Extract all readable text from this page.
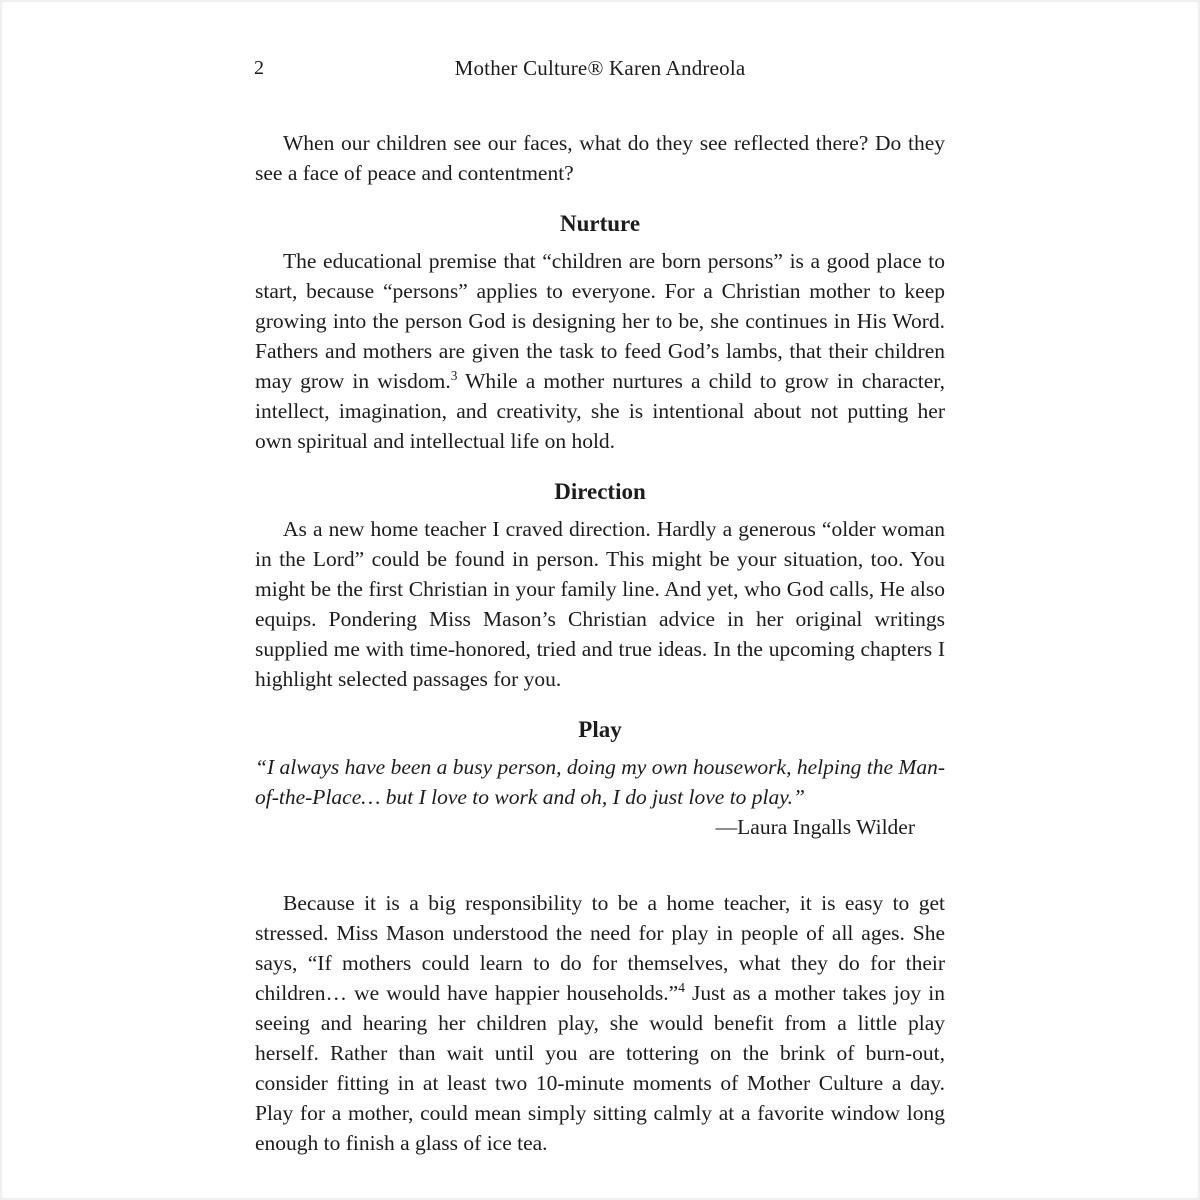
2	Mother Culture® Karen Andreola

When our children see our faces, what do they see reflected there? Do they see a face of peace and contentment?

Nurture

The educational premise that “children are born persons” is a good place to start, because “persons” applies to everyone. For a Christian mother to keep growing into the person God is designing her to be, she continues in His Word. Fathers and mothers are given the task to feed God’s lambs, that their children may grow in wisdom.$^3$ While a mother nurtures a child to grow in character, intellect, imagination, and creativity, she is intentional about not putting her own spiritual and intellectual life on hold.

Direction

As a new home teacher I craved direction. Hardly a generous “older woman in the Lord” could be found in person. This might be your situation, too. You might be the first Christian in your family line. And yet, who God calls, He also equips. Pondering Miss Mason’s Christian advice in her original writings supplied me with time-honored, tried and true ideas. In the upcoming chapters I highlight selected passages for you.

Play

“I always have been a busy person, doing my own housework, helping the Man-of-the-Place… but I love to work and oh, I do just love to play.”

—Laura Ingalls Wilder

Because it is a big responsibility to be a home teacher, it is easy to get stressed. Miss Mason understood the need for play in people of all ages. She says, “If mothers could learn to do for themselves, what they do for their children… we would have happier households.”$^4$ Just as a mother takes joy in seeing and hearing her children play, she would benefit from a little play herself. Rather than wait until you are tottering on the brink of burn-out, consider fitting in at least two 10-minute moments of Mother Culture a day. Play for a mother, could mean simply sitting calmly at a favorite window long enough to finish a glass of ice tea.
